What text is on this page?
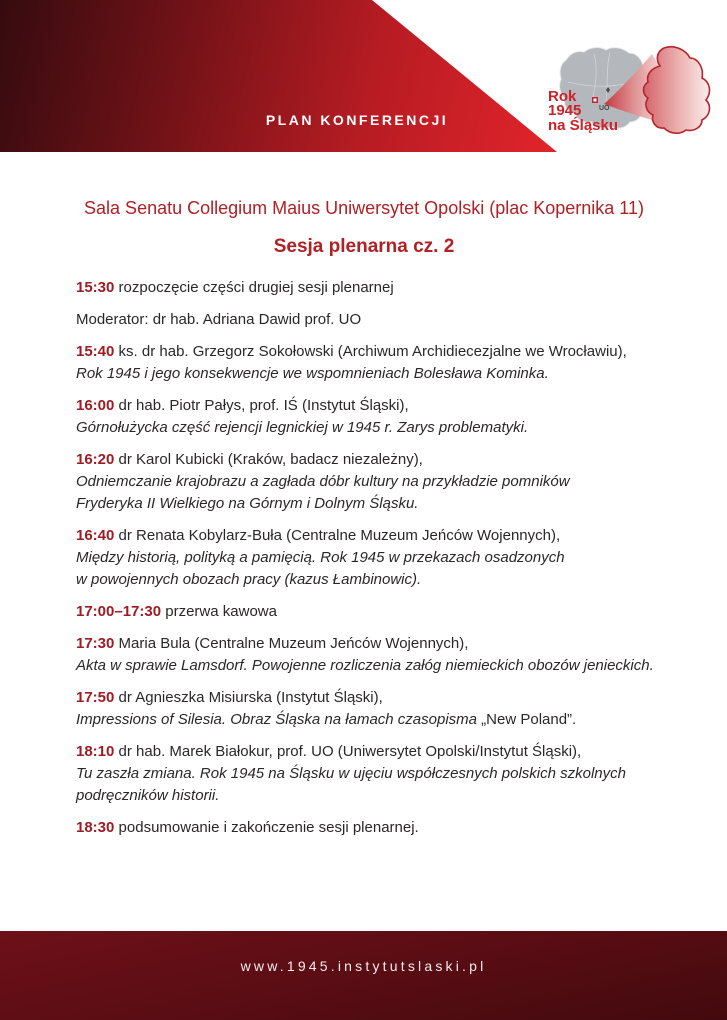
PLAN KONFERENCJI
UO
Rok
1945
na Śląsku
Sala Senatu Collegium Maius Uniwersytet Opolski (plac Kopernika 11)
Sesja plenarna cz. 2

15:30 rozpoczęcie części drugiej sesji plenarnej

Moderator: dr hab. Adriana Dawid prof. UO

15:40 ks. dr hab. Grzegorz Sokołowski (Archiwum Archidiecezjalne we Wrocławiu),
Rok 1945 i jego konsekwencje we wspomnieniach Bolesława Kominka.

16:00 dr hab. Piotr Pałys, prof. IŚ (Instytut Śląski),
Górnołużycka część rejencji legnickiej w 1945 r. Zarys problematyki.

16:20 dr Karol Kubicki (Kraków, badacz niezależny),
Odniemczanie krajobrazu a zagłada dóbr kultury na przykładzie pomników
Fryderyka II Wielkiego na Górnym i Dolnym Śląsku.

16:40 dr Renata Kobylarz-Buła (Centralne Muzeum Jeńców Wojennych),
Między historią, polityką a pamięcią. Rok 1945 w przekazach osadzonych
w powojennych obozach pracy (kazus Łambinowic).

17:00–17:30 przerwa kawowa

17:30 Maria Bula (Centralne Muzeum Jeńców Wojennych),
Akta w sprawie Lamsdorf. Powojenne rozliczenia załóg niemieckich obozów jenieckich.

17:50 dr Agnieszka Misiurska (Instytut Śląski),
Impressions of Silesia. Obraz Śląska na łamach czasopisma „New Poland”.

18:10 dr hab. Marek Białokur, prof. UO (Uniwersytet Opolski/Instytut Śląski),
Tu zaszła zmiana. Rok 1945 na Śląsku w ujęciu współczesnych polskich szkolnych
podręczników historii.

18:30 podsumowanie i zakończenie sesji plenarnej.

www.1945.instytutslaski.pl
